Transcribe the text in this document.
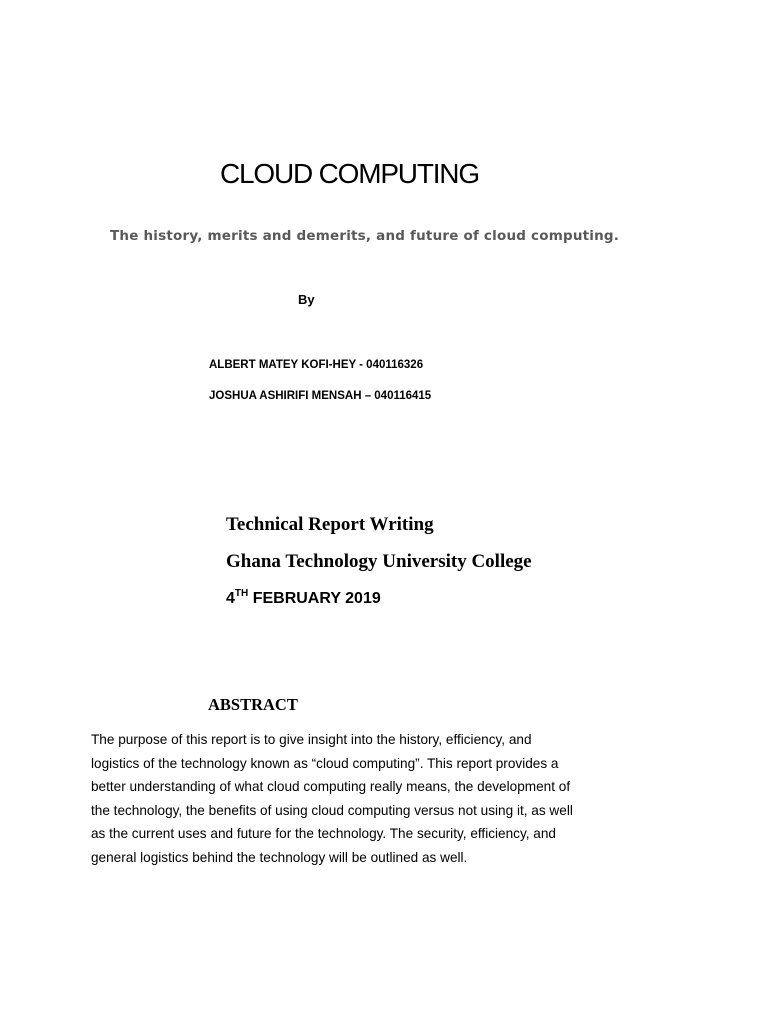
CLOUD COMPUTING
The history, merits and demerits, and future of cloud computing.
By
ALBERT MATEY KOFI-HEY - 040116326
JOSHUA ASHIRIFI MENSAH – 040116415
Technical Report Writing
Ghana Technology University College
4TH FEBRUARY 2019
ABSTRACT
The purpose of this report is to give insight into the history, efficiency, and
logistics of the technology known as “cloud computing”. This report provides a
better understanding of what cloud computing really means, the development of
the technology, the benefits of using cloud computing versus not using it, as well
as the current uses and future for the technology. The security, efficiency, and
general logistics behind the technology will be outlined as well.
